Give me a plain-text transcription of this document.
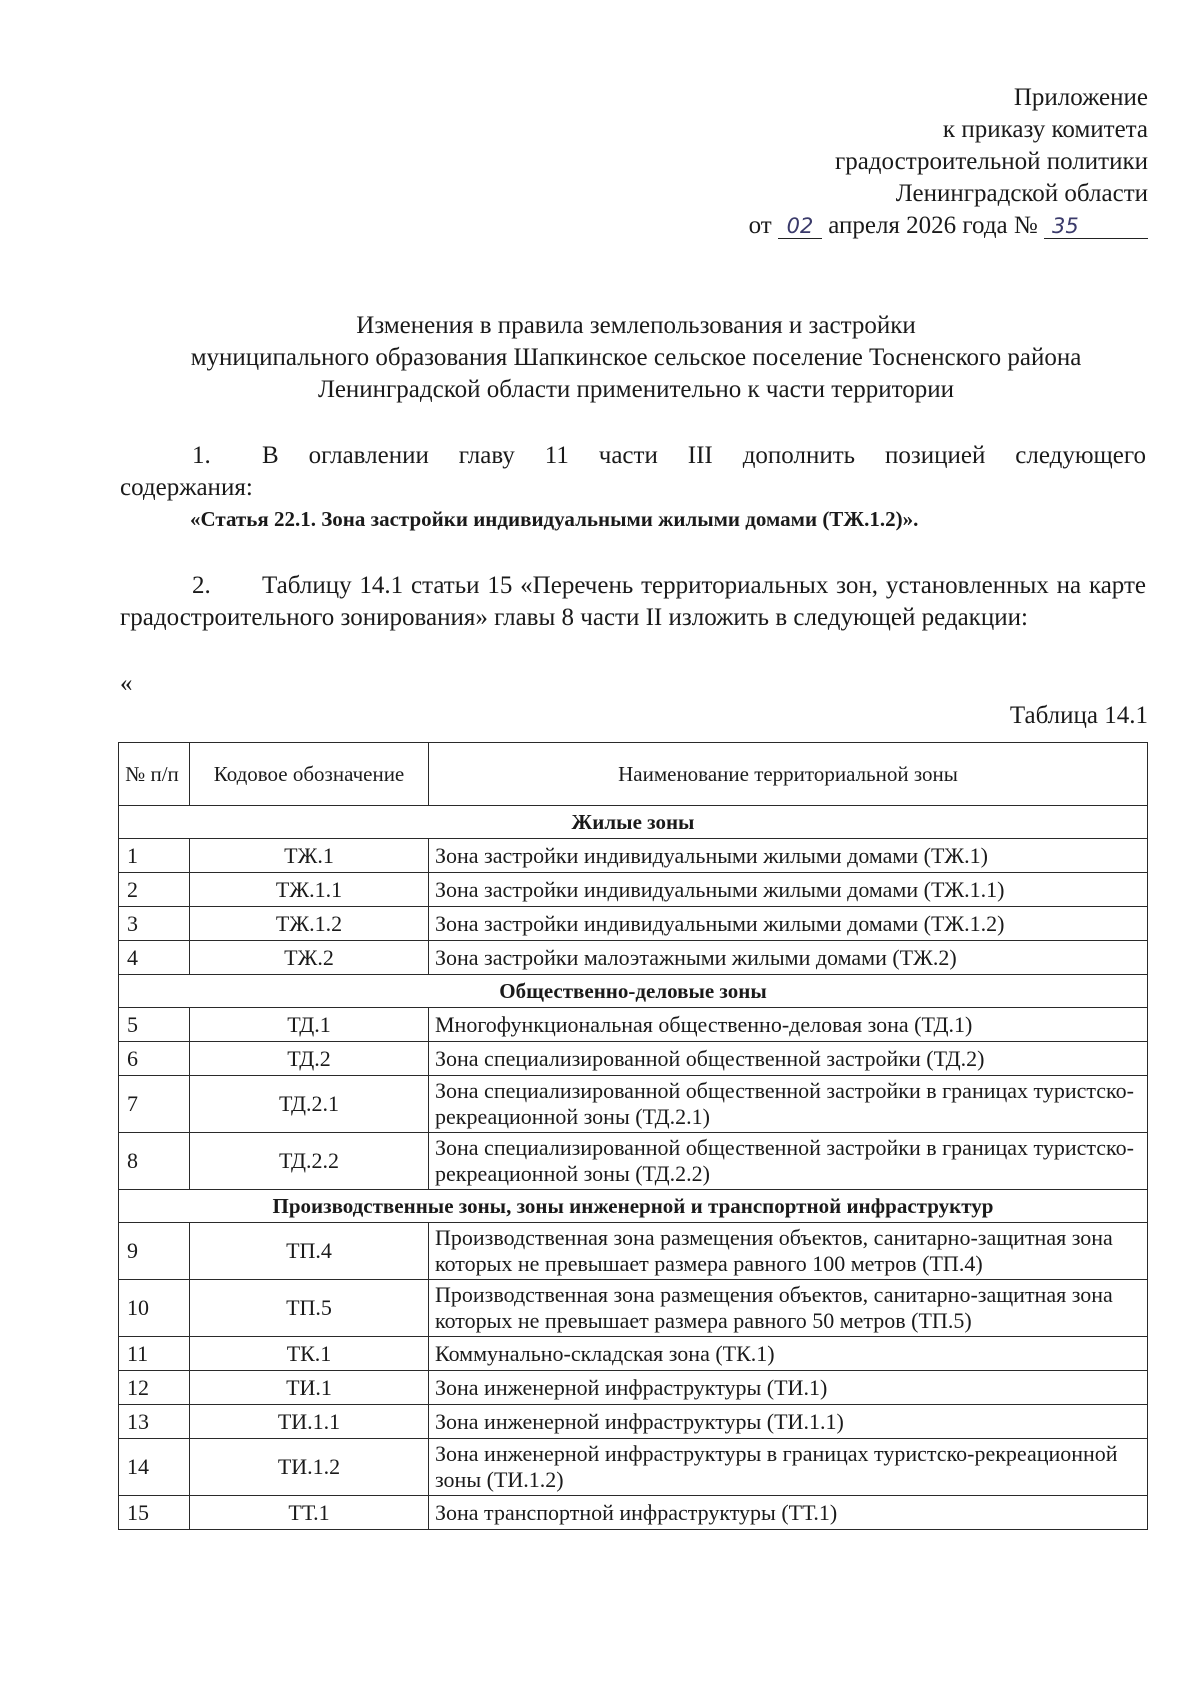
Приложение
к приказу комитета
градостроительной политики
Ленинградской области
от 02 апреля 2026 года № 35
Изменения в правила землепользования и застройки
муниципального образования Шапкинское сельское поселение Тосненского района
Ленинградской области применительно к части территории
1. В оглавлении главу 11 части III дополнить позицией следующего содержания:
«Статья 22.1. Зона застройки индивидуальными жилыми домами (ТЖ.1.2)».
2. Таблицу 14.1 статьи 15 «Перечень территориальных зон, установленных на карте градостроительного зонирования» главы 8 части II изложить в следующей редакции:
«
Таблица 14.1
№ п/п	Кодовое обозначение	Наименование территориальной зоны
Жилые зоны		
1	ТЖ.1	Зона застройки индивидуальными жилыми домами (ТЖ.1)
2	ТЖ.1.1	Зона застройки индивидуальными жилыми домами (ТЖ.1.1)
3	ТЖ.1.2	Зона застройки индивидуальными жилыми домами (ТЖ.1.2)
4	ТЖ.2	Зона застройки малоэтажными жилыми домами (ТЖ.2)
Общественно-деловые зоны		
5	ТД.1	Многофункциональная общественно-деловая зона (ТД.1)
6	ТД.2	Зона специализированной общественной застройки (ТД.2)
7	ТД.2.1	Зона специализированной общественной застройки в границах туристско-рекреационной зоны (ТД.2.1)
8	ТД.2.2	Зона специализированной общественной застройки в границах туристско-рекреационной зоны (ТД.2.2)
Производственные зоны, зоны инженерной и транспортной инфраструктур		
9	ТП.4	Производственная зона размещения объектов, санитарно-защитная зона которых не превышает размера равного 100 метров (ТП.4)
10	ТП.5	Производственная зона размещения объектов, санитарно-защитная зона которых не превышает размера равного 50 метров (ТП.5)
11	ТК.1	Коммунально-складская зона (ТК.1)
12	ТИ.1	Зона инженерной инфраструктуры (ТИ.1)
13	ТИ.1.1	Зона инженерной инфраструктуры (ТИ.1.1)
14	ТИ.1.2	Зона инженерной инфраструктуры в границах туристско-рекреационной зоны (ТИ.1.2)
15	ТТ.1	Зона транспортной инфраструктуры (ТТ.1)
